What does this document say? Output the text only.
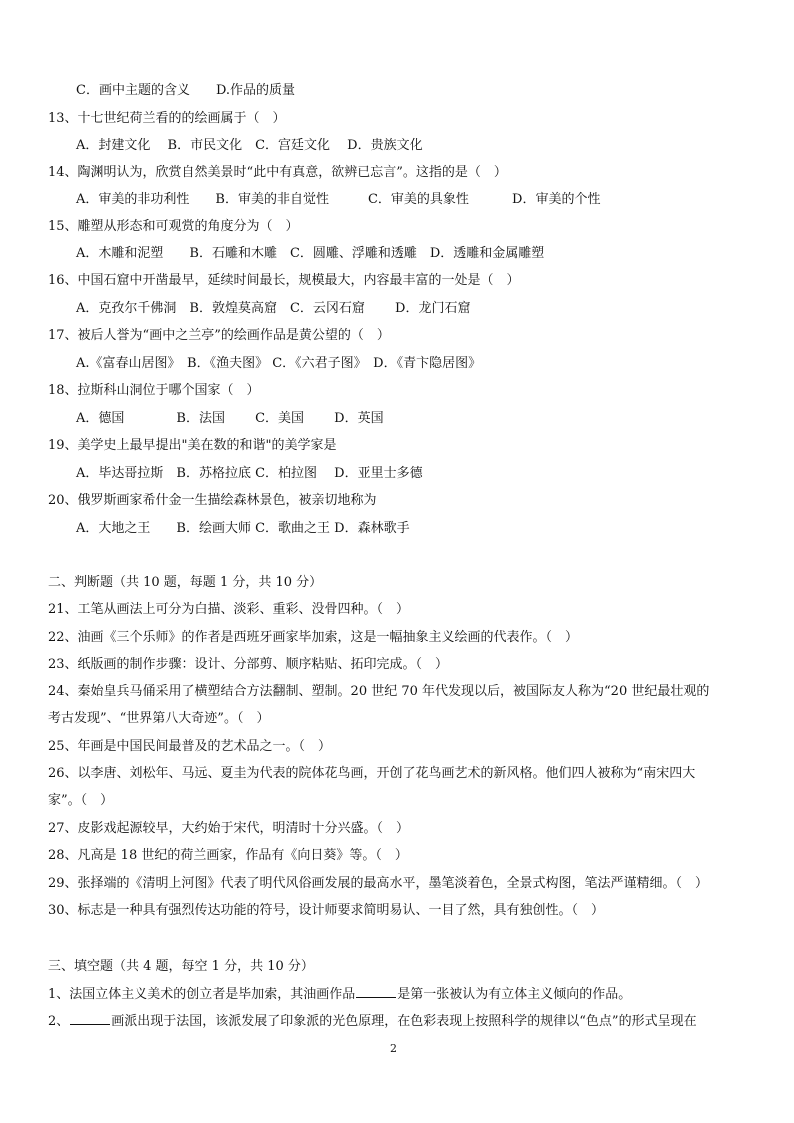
C．画中主题的含义　　D.作品的质量
13、十七世纪荷兰看的的绘画属于（　）
A．封建文化　 B．市民文化　C．宫廷文化　 D．贵族文化
14、陶渊明认为，欣赏自然美景时“此中有真意，欲辨已忘言”。这指的是（　）
A．审美的非功利性　　B．审美的非自觉性　　　C．审美的具象性　　　 D．审美的个性
15、雕塑从形态和可观赏的角度分为（　）
A．木雕和泥塑　　B．石雕和木雕　C．圆雕、浮雕和透雕　D．透雕和金属雕塑
16、中国石窟中开凿最早，延续时间最长，规模最大，内容最丰富的一处是（　）
A．克孜尔千佛洞　B．敦煌莫高窟　C．云冈石窟　　 D．龙门石窟
17、被后人誉为“画中之兰亭”的绘画作品是黄公望的（　）
A.《富春山居图》　B．《渔夫图》 C．《六君子图》　D．《青卞隐居图》
18、拉斯科山洞位于哪个国家（　）
A．德国　　　　B．法国　　 C．美国　　 D．英国
19、美学史上最早提出"美在数的和谐"的美学家是
A．毕达哥拉斯　B．苏格拉底 C．柏拉图　 D．亚里士多德
20、俄罗斯画家希什金一生描绘森林景色，被亲切地称为
A．大地之王　　B．绘画大师 C．歌曲之王 D．森林歌手
二、判断题（共 10 题，每题 1 分，共 10 分）
21、工笔从画法上可分为白描、淡彩、重彩、没骨四种。（　）
22、油画《三个乐师》的作者是西班牙画家毕加索，这是一幅抽象主义绘画的代表作。（　）
23、纸版画的制作步骤：设计、分部剪、顺序粘贴、拓印完成。（　）
24、秦始皇兵马俑采用了横塑结合方法翻制、塑制。20 世纪 70 年代发现以后，被国际友人称为“20 世纪最壮观的
考古发现”、“世界第八大奇迹”。（　）
25、年画是中国民间最普及的艺术品之一。（　）
26、以李唐、刘松年、马远、夏圭为代表的院体花鸟画，开创了花鸟画艺术的新风格。他们四人被称为“南宋四大
家”。（　）
27、皮影戏起源较早，大约始于宋代，明清时十分兴盛。（　）
28、凡高是 18 世纪的荷兰画家，作品有《向日葵》等。（　）
29、张择端的《清明上河图》代表了明代风俗画发展的最高水平，墨笔淡着色，全景式构图，笔法严谨精细。（　）
30、标志是一种具有强烈传达功能的符号，设计师要求简明易认、一目了然，具有独创性。（　）
三、填空题（共 4 题，每空 1 分，共 10 分）
1、法国立体主义美术的创立者是毕加索，其油画作品	是第一张被认为有立体主义倾向的作品。
2、	画派出现于法国，该派发展了印象派的光色原理，在色彩表现上按照科学的规律以“色点”的形式呈现在
2
